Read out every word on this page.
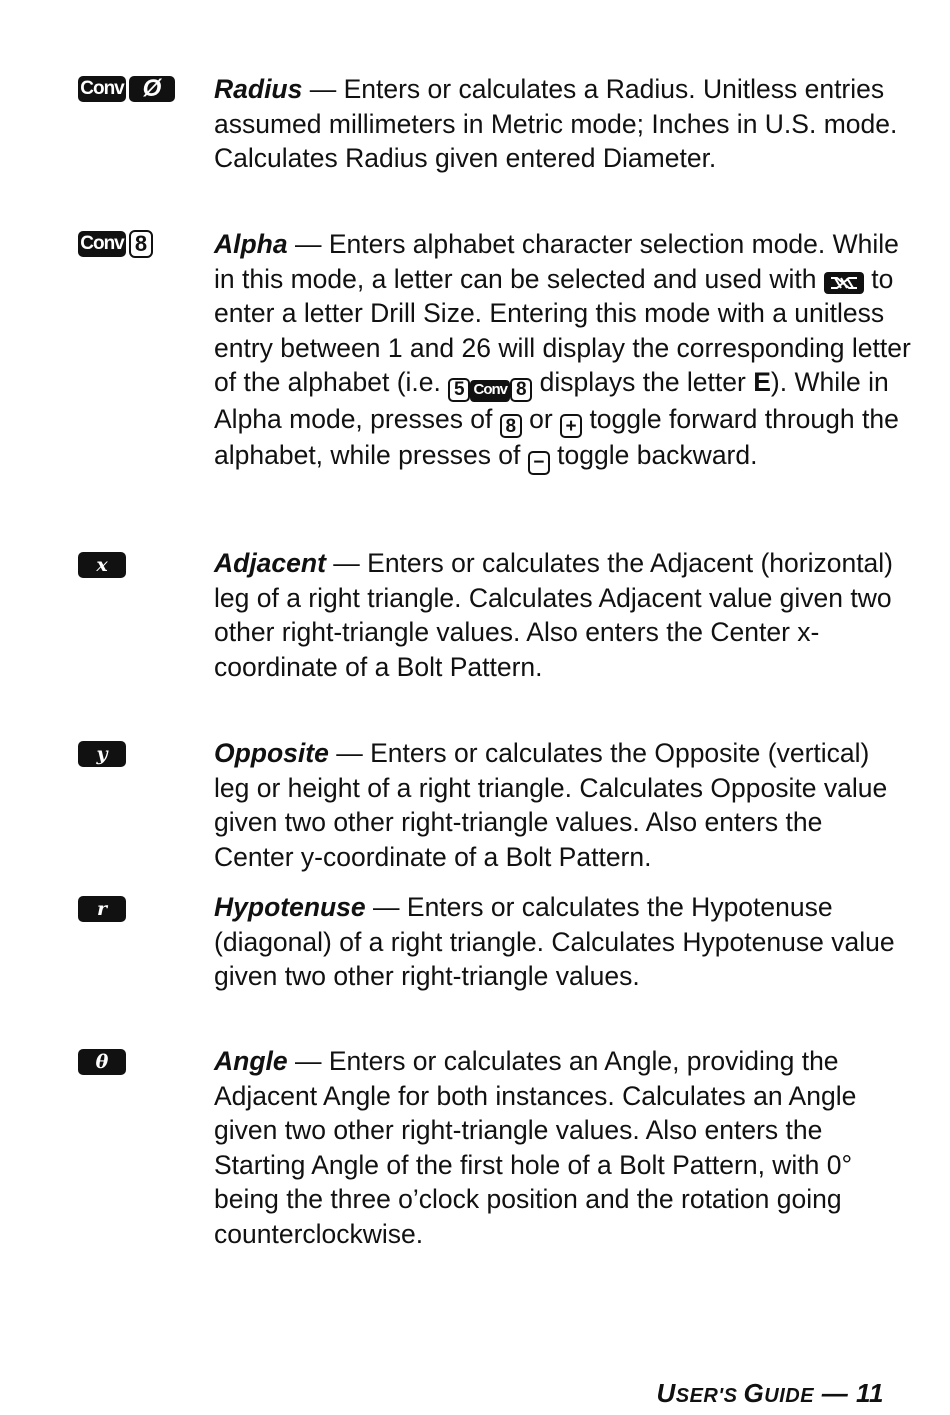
Conv Ø	Radius — Enters or calculates a Radius. Unitless entries assumed millimeters in Metric mode; Inches in U.S. mode. Calculates Radius given entered Diameter.

Conv 8	Alpha — Enters alphabet character selection mode. While in this mode, a letter can be selected and used with
to enter a letter Drill Size. Entering this mode with a unitless entry between 1 and 26 will display the corresponding letter of the alphabet (i.e. 5 Conv 8 displays the letter E). While in Alpha mode, presses of 8 or + toggle forward through the alphabet, while presses of − toggle backward.

x	Adjacent — Enters or calculates the Adjacent (horizontal) leg of a right triangle. Calculates Adjacent value given two other right-triangle values. Also enters the Center x-coordinate of a Bolt Pattern.

y	Opposite — Enters or calculates the Opposite (vertical) leg or height of a right triangle. Calculates Opposite value given two other right-triangle values. Also enters the Center y-coordinate of a Bolt Pattern.

r	Hypotenuse — Enters or calculates the Hypotenuse (diagonal) of a right triangle. Calculates Hypotenuse value given two other right-triangle values.

θ	Angle — Enters or calculates an Angle, providing the Adjacent Angle for both instances. Calculates an Angle given two other right-triangle values. Also enters the Starting Angle of the first hole of a Bolt Pattern, with 0° being the three o’clock position and the rotation going counterclockwise.

USER'S GUIDE — 11
